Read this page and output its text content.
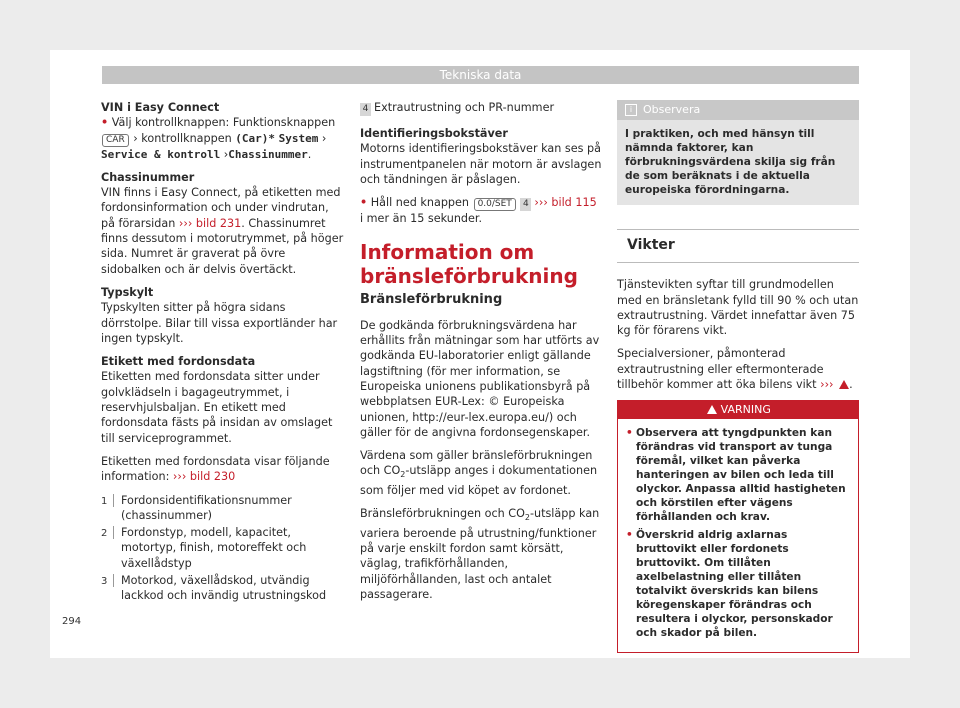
Tekniska data

VIN i Easy Connect

• Välj kontrollknappen: Funktionsknappen CAR › kontrollknappen (Car)* System › Service & kontroll ›Chassinummer.

Chassinummer

VIN finns i Easy Connect, på etiketten med fordonsinformation och under vindrutan, på förarsidan ››› bild 231. Chassinumret finns dessutom i motorutrymmet, på höger sida. Numret är graverat på övre sidobalken och är delvis övertäckt.

Typskylt

Typskylten sitter på högra sidans dörrstolpe. Bilar till vissa exportländer har ingen typskylt.

Etikett med fordonsdata

Etiketten med fordonsdata sitter under golvklädseln i bagageutrymmet, i reservhjulsbaljan. En etikett med fordonsdata fästs på insidan av omslaget till serviceprogrammet.

Etiketten med fordonsdata visar följande information: ››› bild 230

1 Fordonsidentifikationsnummer (chassinummer)
2 Fordonstyp, modell, kapacitet, motortyp, finish, motoreffekt och växellådstyp
3 Motorkod, växellådskod, utvändig lackkod och invändig utrustningskod

4 Extrautrustning och PR-nummer

Identifieringsbokstäver

Motorns identifieringsbokstäver kan ses på instrumentpanelen när motorn är avslagen och tändningen är påslagen.

• Håll ned knappen 0.0/SET 4 ››› bild 115 i mer än 15 sekunder.

Information om bränsleförbrukning
Bränsleförbrukning

De godkända förbrukningsvärdena har erhållits från mätningar som har utförts av godkända EU-laboratorier enligt gällande lagstiftning (för mer information, se Europeiska unionens publikationsbyrå på webbplatsen EUR-Lex: © Europeiska unionen, http://eur-lex.europa.eu/) och gäller för de angivna fordonsegenskaper.

Värdena som gäller bränsleförbrukningen och $CO_2$-utsläpp anges i dokumentationen som följer med vid köpet av fordonet.

Bränsleförbrukningen och $CO_2$-utsläpp kan variera beroende på utrustning/funktioner på varje enskilt fordon samt körsätt, väglag, trafikförhållanden, miljöförhållanden, last och antalet passagerare.

i Observera
I praktiken, och med hänsyn till nämnda faktorer, kan förbrukningsvärdena skilja sig från de som beräknats i de aktuella europeiska förordningarna.
Vikter

Tjänstevikten syftar till grundmodellen med en bränsletank fylld till 90 % och utan extrautrustning. Värdet innefattar även 75 kg för förarens vikt.

Specialversioner, påmonterad extrautrustning eller eftermonterade tillbehör kommer att öka bilens vikt ››› .

VARNING
• Observera att tyngdpunkten kan förändras vid transport av tunga föremål, vilket kan påverka hanteringen av bilen och leda till olyckor. Anpassa alltid hastigheten och körstilen efter vägens förhållanden och krav.
• Överskrid aldrig axlarnas bruttovikt eller fordonets bruttovikt. Om tillåten axelbelastning eller tillåten totalvikt överskrids kan bilens köregenskaper förändras och resultera i olyckor, personskador och skador på bilen.
294
